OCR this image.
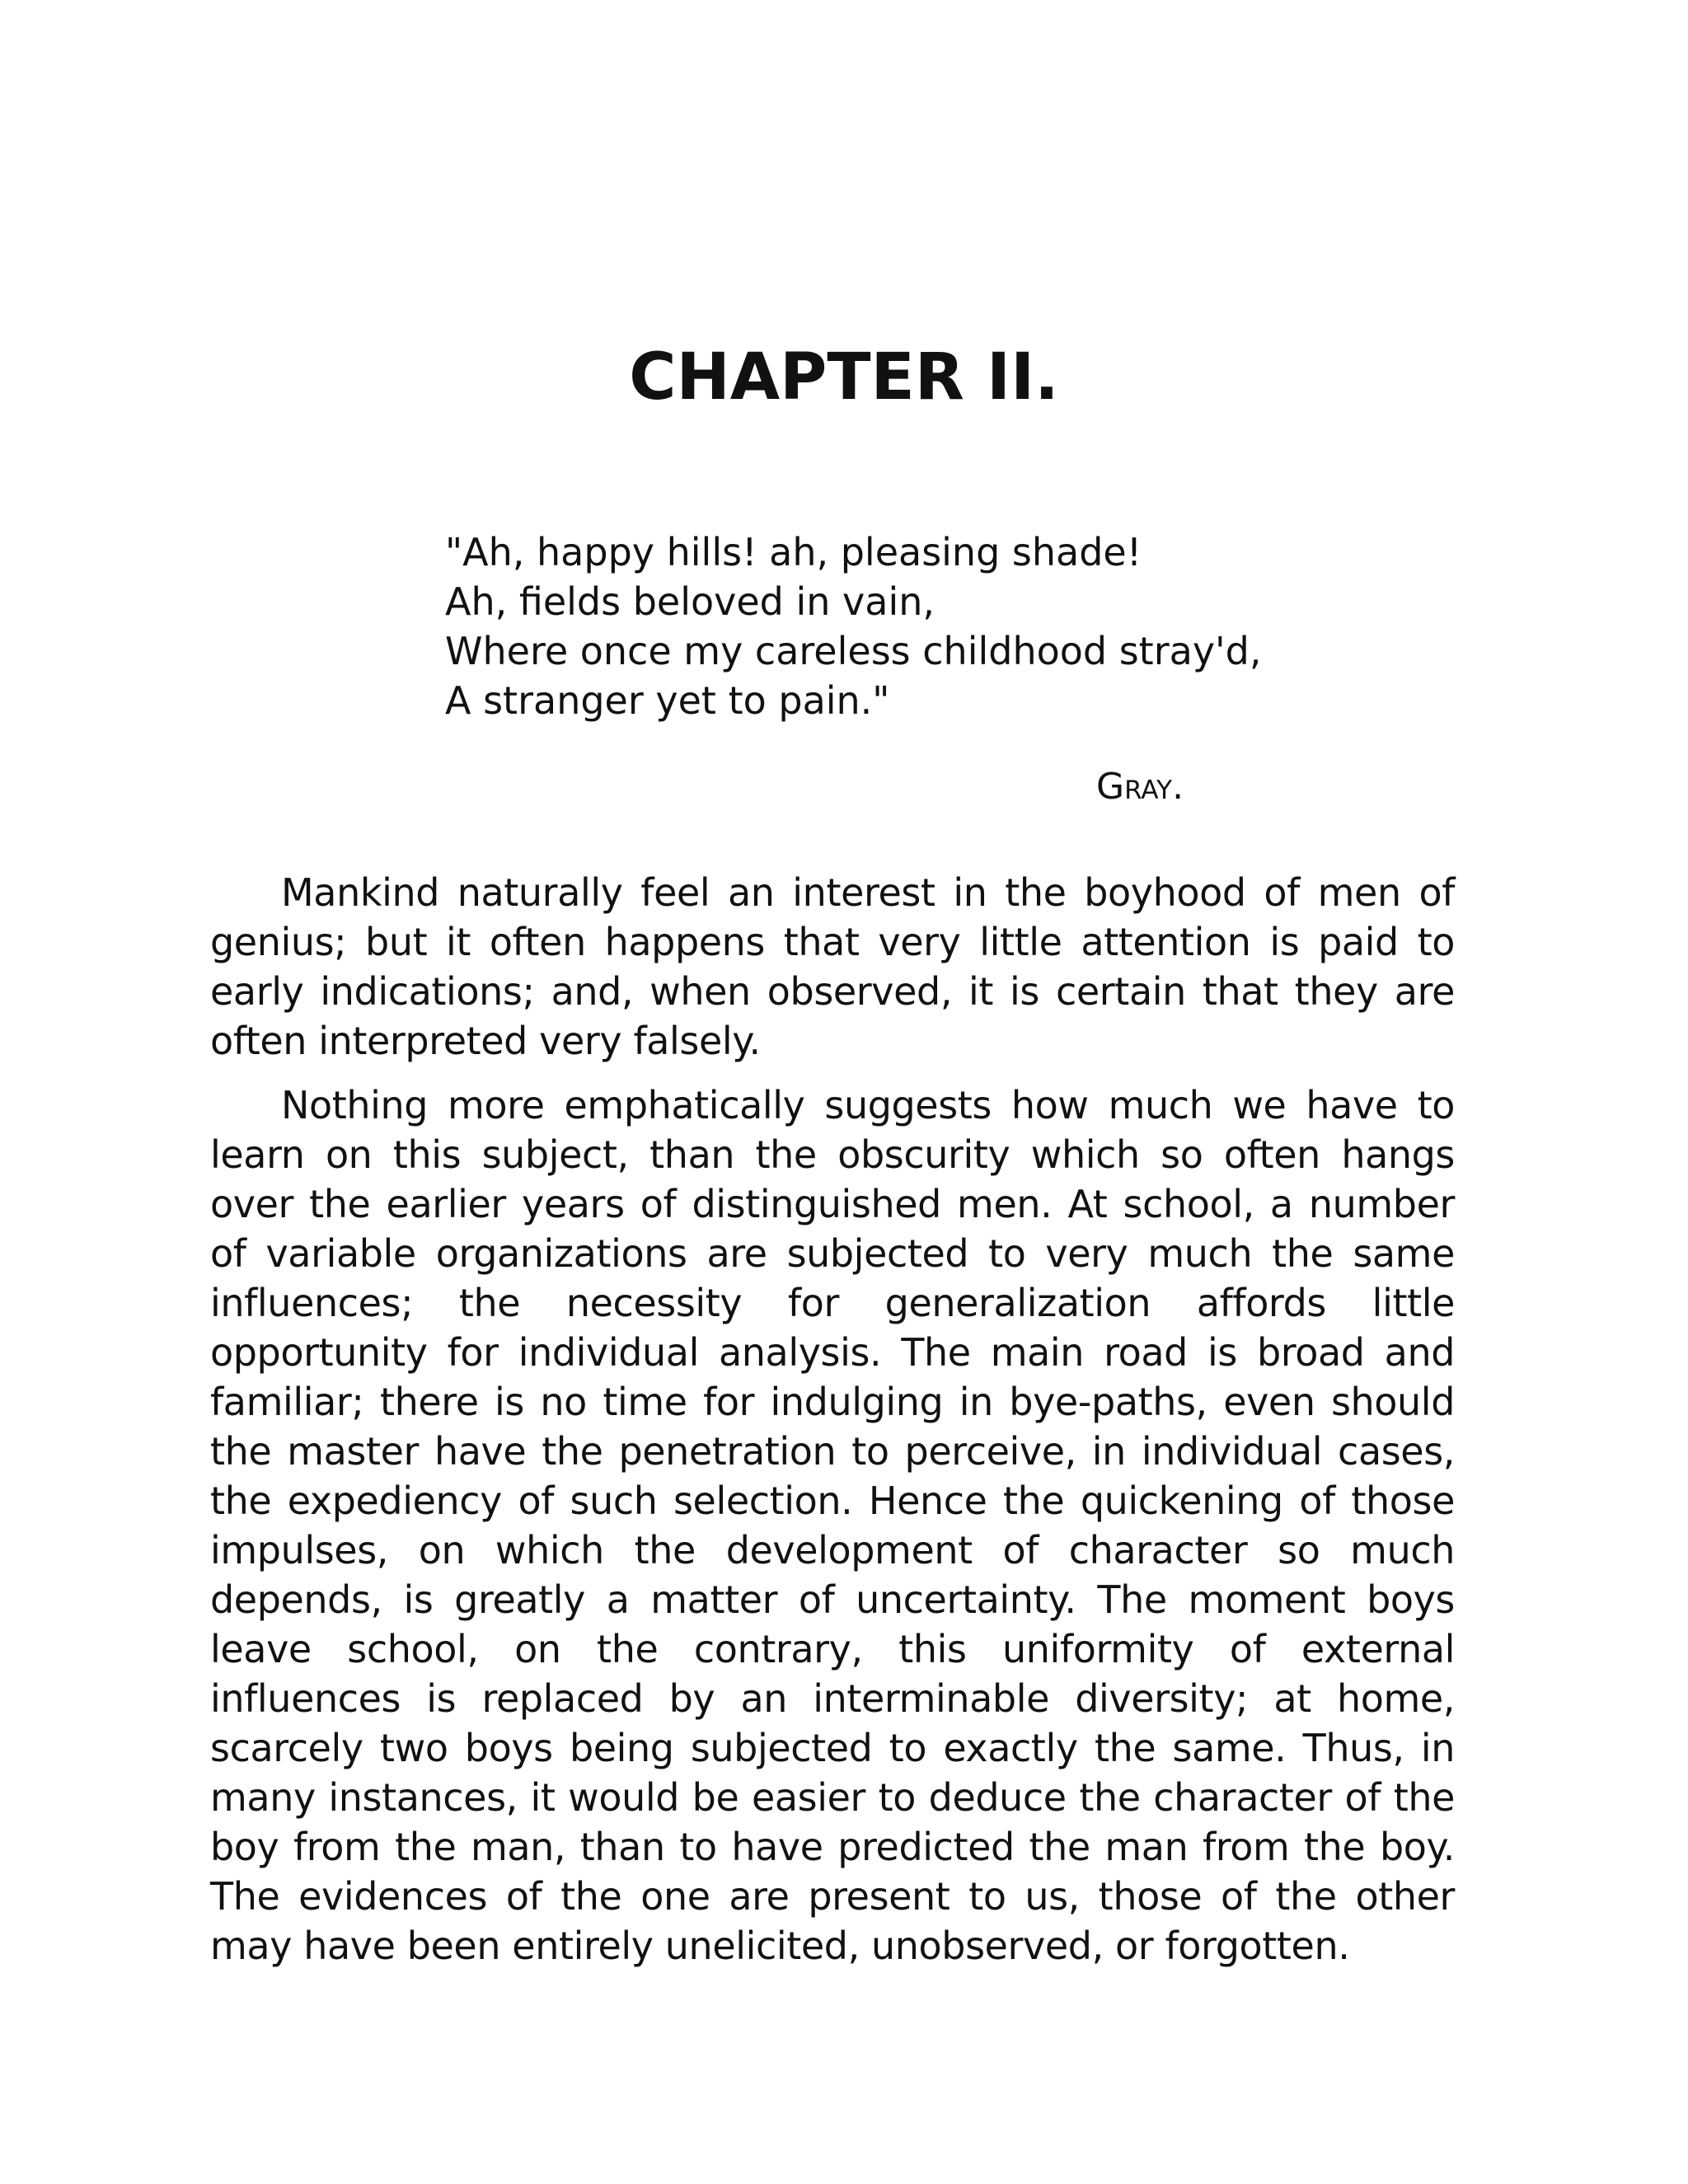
CHAPTER II.
"Ah, happy hills! ah, pleasing shade!
Ah, fields beloved in vain,
Where once my careless childhood stray'd,
A stranger yet to pain."
Gray.

Mankind naturally feel an interest in the boyhood of men of genius; but it often happens that very little attention is paid to early indications; and, when observed, it is certain that they are often interpreted very falsely.

Nothing more emphatically suggests how much we have to learn on this subject, than the obscurity which so often hangs over the earlier years of distinguished men. At school, a number of variable organizations are subjected to very much the same influences; the necessity for generalization affords little opportunity for individual analysis. The main road is broad and familiar; there is no time for indulging in bye-paths, even should the master have the penetration to perceive, in individual cases, the expediency of such selection. Hence the quickening of those impulses, on which the development of character so much depends, is greatly a matter of uncertainty. The moment boys leave school, on the contrary, this uniformity of external influences is replaced by an interminable diversity; at home, scarcely two boys being subjected to exactly the same. Thus, in many instances, it would be easier to deduce the character of the boy from the man, than to have predicted the man from the boy. The evidences of the one are present to us, those of the other may have been entirely unelicited, unobserved, or forgotten.
